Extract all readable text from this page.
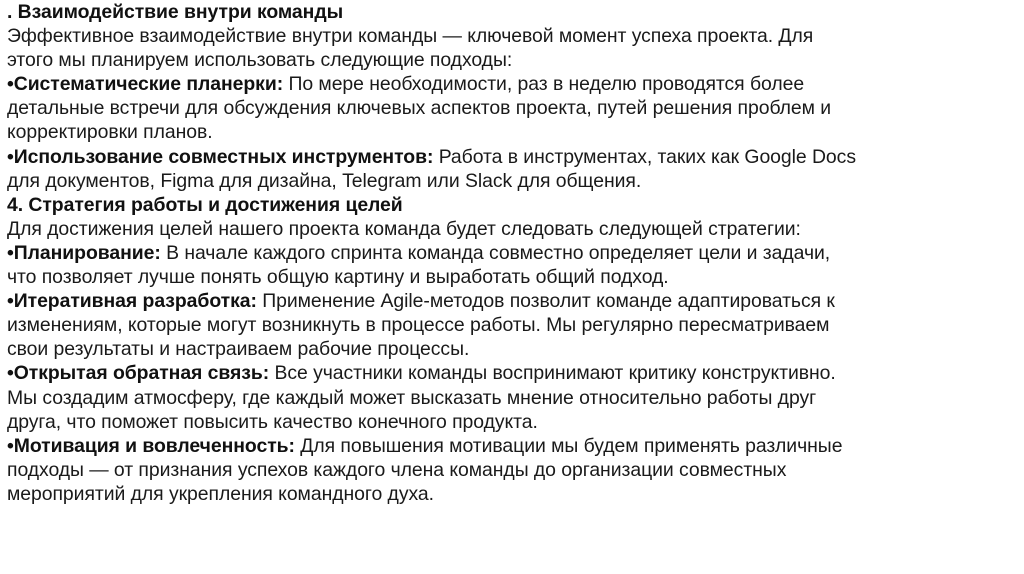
. Взаимодействие внутри команды
Эффективное взаимодействие внутри команды — ключевой момент успеха проекта. Для
этого мы планируем использовать следующие подходы:
•Систематические планерки: По мере необходимости, раз в неделю проводятся более
детальные встречи для обсуждения ключевых аспектов проекта, путей решения проблем и
корректировки планов.
•Использование совместных инструментов: Работа в инструментах, таких как Google Docs
для документов, Figma для дизайна, Telegram или Slack для общения.
4. Стратегия работы и достижения целей
Для достижения целей нашего проекта команда будет следовать следующей стратегии:
•Планирование: В начале каждого спринта команда совместно определяет цели и задачи,
что позволяет лучше понять общую картину и выработать общий подход.
•Итеративная разработка: Применение Agile-методов позволит команде адаптироваться к
изменениям, которые могут возникнуть в процессе работы. Мы регулярно пересматриваем
свои результаты и настраиваем рабочие процессы.
•Открытая обратная связь: Все участники команды воспринимают критику конструктивно.
Мы создадим атмосферу, где каждый может высказать мнение относительно работы друг
друга, что поможет повысить качество конечного продукта.
•Мотивация и вовлеченность: Для повышения мотивации мы будем применять различные
подходы — от признания успехов каждого члена команды до организации совместных
мероприятий для укрепления командного духа.
